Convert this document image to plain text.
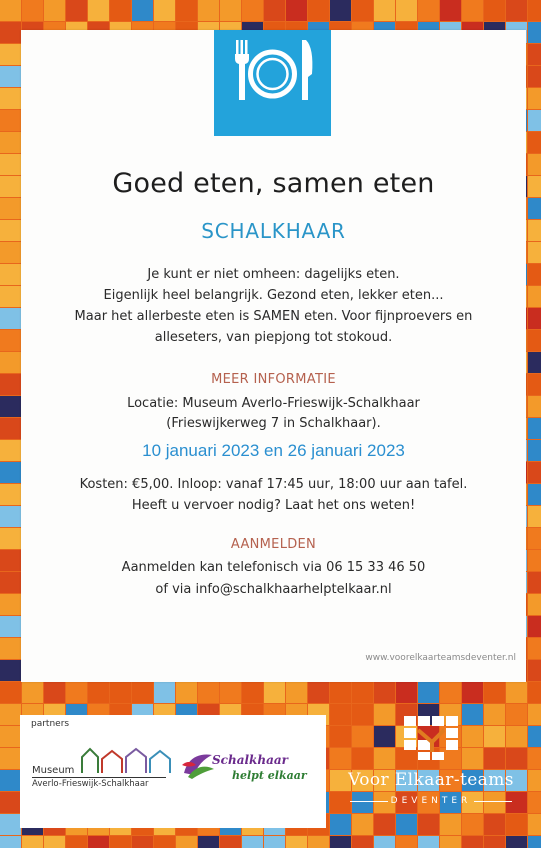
Goed eten, samen eten
SCHALKHAAR
Je kunt er niet omheen: dagelijks eten.
Eigenlijk heel belangrijk. Gezond eten, lekker eten...
Maar het allerbeste eten is SAMEN eten. Voor fijnproevers en
alleseters, van piepjong tot stokoud.
MEER INFORMATIE
Locatie: Museum Averlo-Frieswijk-Schalkhaar
(Frieswijkerweg 7 in Schalkhaar).
10 januari 2023 en 26 januari 2023
Kosten: €5,00. Inloop: vanaf 17:45 uur, 18:00 uur aan tafel.
Heeft u vervoer nodig? Laat het ons weten!
AANMELDEN
Aanmelden kan telefonisch via 06 15 33 46 50
of via info@schalkhaarhelptelkaar.nl
www.voorelkaarteamsdeventer.nl
partners
Museum
Averlo-Frieswijk-Schalkhaar
Schalkhaar
helpt elkaar	Voor Elkaar-teams
DEVENTER
